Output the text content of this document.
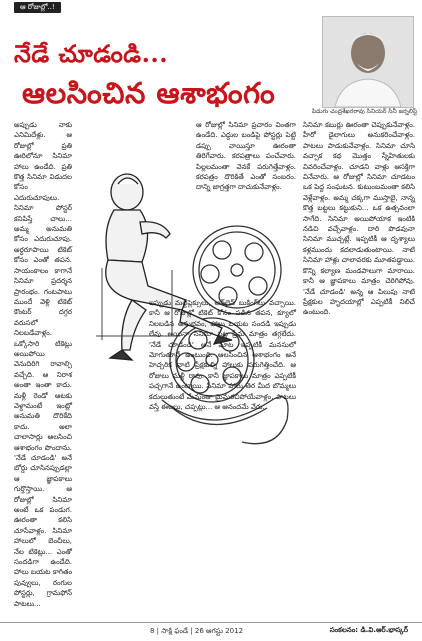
ఆ రోజుల్లో..!
నేడే చూడండి...
ఆలసించిన ఆశాభంగం
పిడుగు చంద్రశేఖరరావు సినియర్ సినీ జర్నలిస్ట్
అప్పుడు నాకు ఎనిమిదేళ్లు. ఆ రోజుల్లో ప్రతి ఊరిలోనూ సినిమా హాలు ఉండేది. ప్రతి కొత్త సినిమా విడుదల కోసం ఎదురుచూపులు. సినిమా పోస్టర్ కనిపిస్తే చాలు... అమ్మ అనుమతి కోసం ఎదురుచూపు. అర్ధరూపాయి టికెట్ కోసం ఎంతో తపన. సాయంకాలం కాగానే సినిమా ప్రదర్శన ప్రారంభం. గంటపాటు ముందే వెళ్లి టికెట్ కౌంటర్ దగ్గర వరుసలో నిలబడేవాళ్లం. ఒక్కోసారి టికెట్లు అయిపోయి వెనుదిరిగి రావాల్సి వచ్చేది. ఆ నిరాశ అంతా ఇంతా కాదు. మళ్లీ రెండో ఆటకు వెళ్దామంటే ఇంట్లో అనుమతి దొరికేది కాదు. అలా చాలాసార్లు ఆలసించి ఆశాభంగం పొందాను. 'నేడే చూడండి' అనే బోర్డు చూసినప్పుడల్లా ఆ జ్ఞాపకాలు గుర్తొస్తాయి. ఆ రోజుల్లో సినిమా అంటే ఒక పండుగ. ఊరంతా కలిసి చూసేవాళ్లం. సినిమా హాలులో బెంచీలు, నేల టికెట్లు... ఎంతో సందడిగా ఉండేది. హాలు బయట కాగితం పువ్వులు, రంగుల పోస్టర్లు, గ్రామఫోన్ పాటలు...
ఆ రోజుల్లో సినిమా ప్రచారం వింతగా ఉండేది. ఎద్దుల బండిపై పోస్టర్లు పెట్టి డప్పు వాయిస్తూ ఊరంతా తిరిగేవారు. కరపత్రాలు పంచేవారు. పిల్లలమంతా వెనకే పరుగెత్తేవాళ్లం. కరపత్రం దొరికితే ఎంతో సంబరం. దాన్ని జాగ్రత్తగా దాచుకునేవాళ్లం.
ఇప్పుడు మల్టీప్లెక్సులు, ఆన్‌లైన్ బుకింగ్‌లు వచ్చాయి. కానీ ఆ రోజుల్లో టికెట్ కోసం పడిన తపన, క్యూలో నిలబడిన అనుభవం, హాలు బయట సందడి ఇప్పుడు లేవు. అయినా సినిమా పట్ల ప్రేమ మాత్రం తగ్గలేదు. 'నేడే చూడండి' అనే మాట ఇప్పటికీ మనసులో మోగుతూనే ఉంటుంది. ఆలసించిన ఆశాభంగం అనే హెచ్చరిక నాటి ప్రేక్షకుల్ని హాలుకు పరుగెత్తించేది. ఆ రోజులు మళ్లీ రావు. కానీ జ్ఞాపకాలు మాత్రం ఎప్పటికీ పచ్చగానే ఉంటాయి. సినిమా హాలు తెర మీద బొమ్మలు కదులుతుంటే మేమంతా మైమరచిపోయేవాళ్లం. పాటలు వస్తే ఈలలు, చప్పట్లు... ఆ ఆనందమే వేరు.
సినిమా కబుర్లు ఊరంతా చెప్పుకునేవాళ్లం. హీరో డైలాగులు అనుకరించేవాళ్లం. పాటలు పాడుకునేవాళ్లం. సినిమా చూసి వచ్చాక కథ మొత్తం స్నేహితులకు వివరించేవాళ్లం. చూడని వాళ్లు ఆసక్తిగా వినేవారు. ఆ రోజుల్లో సినిమా చూడటం ఒక పెద్ద సంఘటన. కుటుంబమంతా కలిసి వెళ్లేవాళ్లం. అమ్మ చక్కగా ముస్తాబై, నాన్న కొత్త బట్టలు కట్టుకుని... ఒక ఉత్సవంలా సాగేది. సినిమా అయిపోయాక ఇంటికి నడిచి వచ్చేవాళ్లం. దారి పొడవునా సినిమా ముచ్చట్లే. ఇప్పటికీ ఆ దృశ్యాలు కళ్లముందు కదలాడుతుంటాయి. నాటి సినిమా హాళ్లు చాలావరకు మూతపడ్డాయి. కొన్ని కల్యాణ మండపాలుగా మారాయి. కానీ ఆ జ్ఞాపకాలు మాత్రం చెరిగిపోవు. 'నేడే చూడండి' అన్న ఆ పిలుపు నాటి ప్రేక్షకుల హృదయాల్లో ఎప్పటికీ నిలిచే ఉంటుంది.
8 | సాక్షి ఫండే | 26 ఆగస్టు 2012	సంకలనం: డి.వి.ఆర్.భాస్కర్
